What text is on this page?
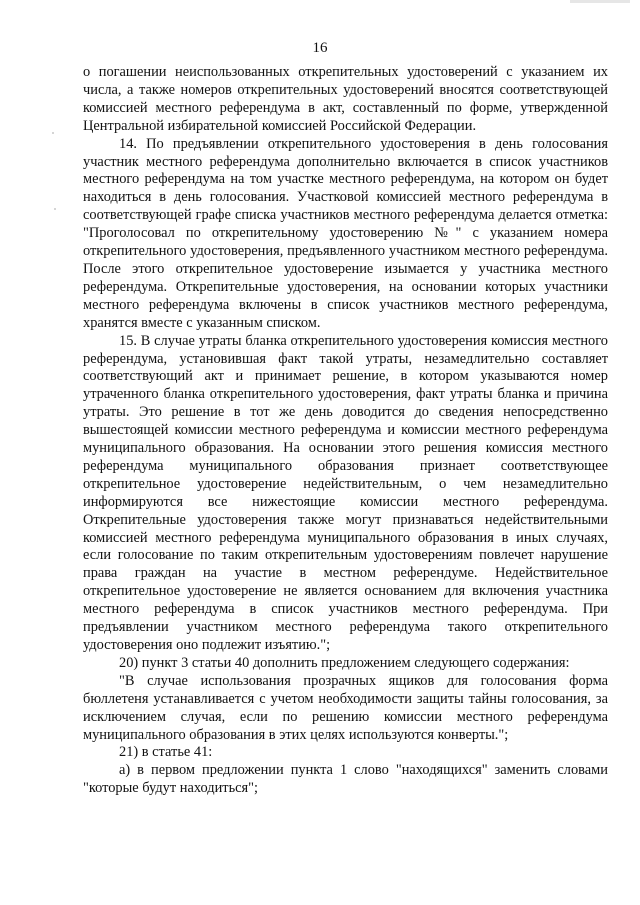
16

о погашении неиспользованных открепительных удостоверений с указанием их числа, а также номеров открепительных удостоверений вносятся соответствующей комиссией местного референдума в акт, составленный по форме, утвержденной Центральной избирательной комиссией Российской Федерации.

14. По предъявлении открепительного удостоверения в день голосования участник местного референдума дополнительно включается в список участников местного референдума на том участке местного референдума, на котором он будет находиться в день голосования. Участковой комиссией местного референдума в соответствующей графе списка участников местного референдума делается отметка: "Проголосовал по открепительному удостоверению №" с указанием номера открепительного удостоверения, предъявленного участником местного референдума. После этого открепительное удостоверение изымается у участника местного референдума. Открепительные удостоверения, на основании которых участники местного референдума включены в список участников местного референдума, хранятся вместе с указанным списком.

15. В случае утраты бланка открепительного удостоверения комиссия местного референдума, установившая факт такой утраты, незамедлительно составляет соответствующий акт и принимает решение, в котором указываются номер утраченного бланка открепительного удостоверения, факт утраты бланка и причина утраты. Это решение в тот же день доводится до сведения непосредственно вышестоящей комиссии местного референдума и комиссии местного референдума муниципального образования. На основании этого решения комиссия местного референдума муниципального образования признает соответствующее открепительное удостоверение недействительным, о чем незамедлительно информируются все нижестоящие комиссии местного референдума. Открепительные удостоверения также могут признаваться недействительными комиссией местного референдума муниципального образования в иных случаях, если голосование по таким открепительным удостоверениям повлечет нарушение права граждан на участие в местном референдуме. Недействительное открепительное удостоверение не является основанием для включения участника местного референдума в список участников местного референдума. При предъявлении участником местного референдума такого открепительного удостоверения оно подлежит изъятию.";

20) пункт 3 статьи 40 дополнить предложением следующего содержания:

"В случае использования прозрачных ящиков для голосования форма бюллетеня устанавливается с учетом необходимости защиты тайны голосования, за исключением случая, если по решению комиссии местного референдума муниципального образования в этих целях используются конверты.";

21) в статье 41:

а) в первом предложении пункта 1 слово "находящихся" заменить словами "которые будут находиться";
